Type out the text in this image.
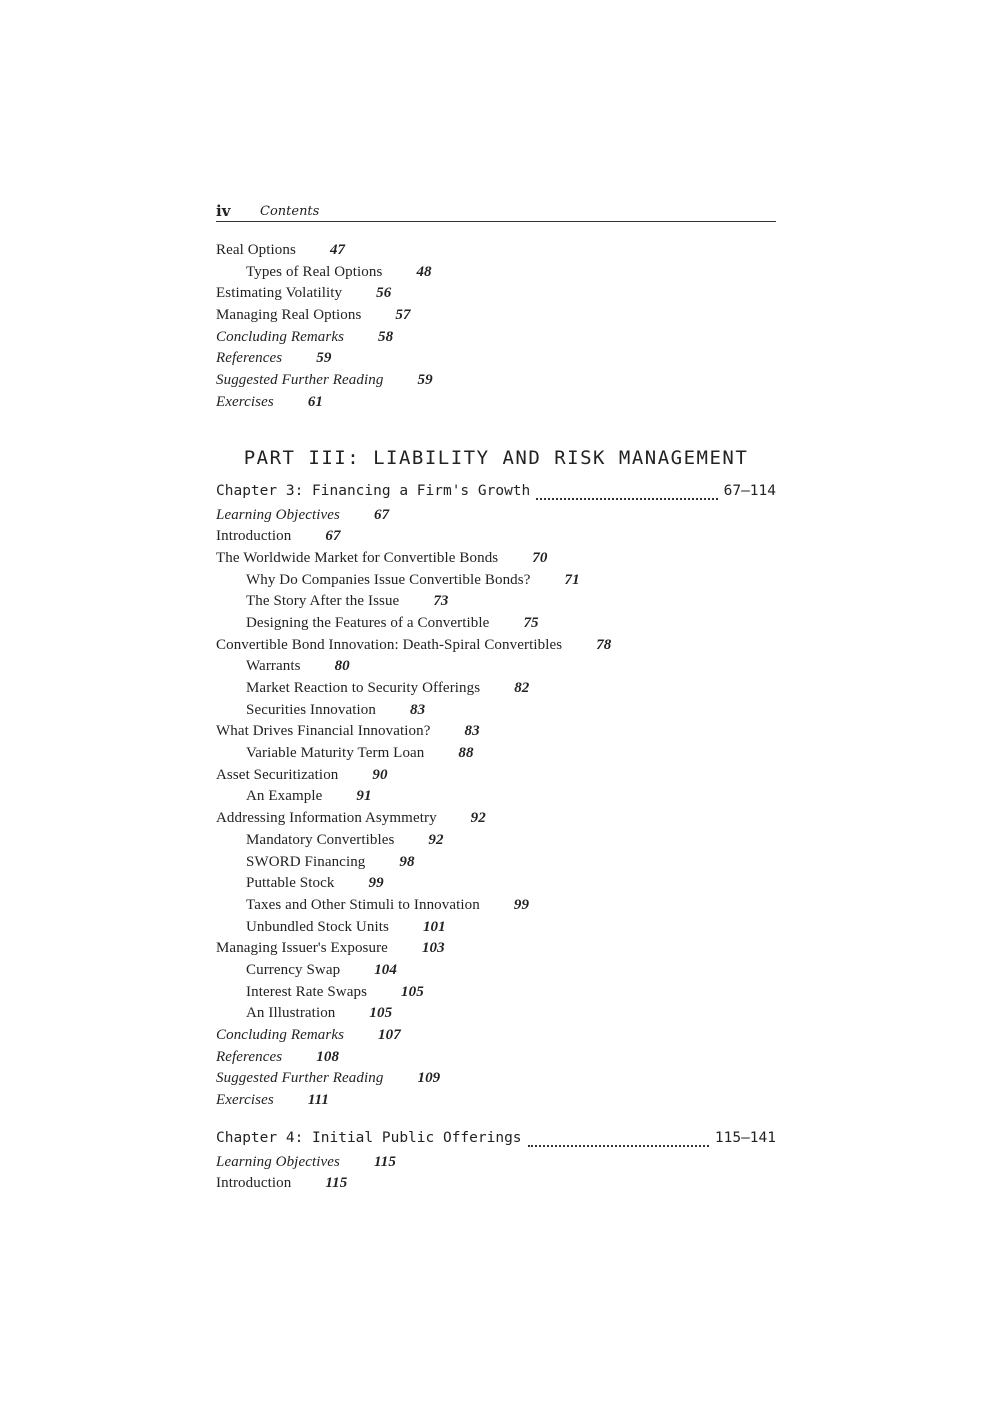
iv Contents
Real Options 47
Types of Real Options 48
Estimating Volatility 56
Managing Real Options 57
Concluding Remarks 58
References 59
Suggested Further Reading 59
Exercises 61
PART III: LIABILITY AND RISK MANAGEMENT
Chapter 3: Financing a Firm's Growth	67–114
Learning Objectives 67
Introduction 67
The Worldwide Market for Convertible Bonds 70
Why Do Companies Issue Convertible Bonds? 71
The Story After the Issue 73
Designing the Features of a Convertible 75
Convertible Bond Innovation: Death-Spiral Convertibles 78
Warrants 80
Market Reaction to Security Offerings 82
Securities Innovation 83
What Drives Financial Innovation? 83
Variable Maturity Term Loan 88
Asset Securitization 90
An Example 91
Addressing Information Asymmetry 92
Mandatory Convertibles 92
SWORD Financing 98
Puttable Stock 99
Taxes and Other Stimuli to Innovation 99
Unbundled Stock Units 101
Managing Issuer's Exposure 103
Currency Swap 104
Interest Rate Swaps 105
An Illustration 105
Concluding Remarks 107
References 108
Suggested Further Reading 109
Exercises 111
Chapter 4: Initial Public Offerings	115–141
Learning Objectives 115
Introduction 115
